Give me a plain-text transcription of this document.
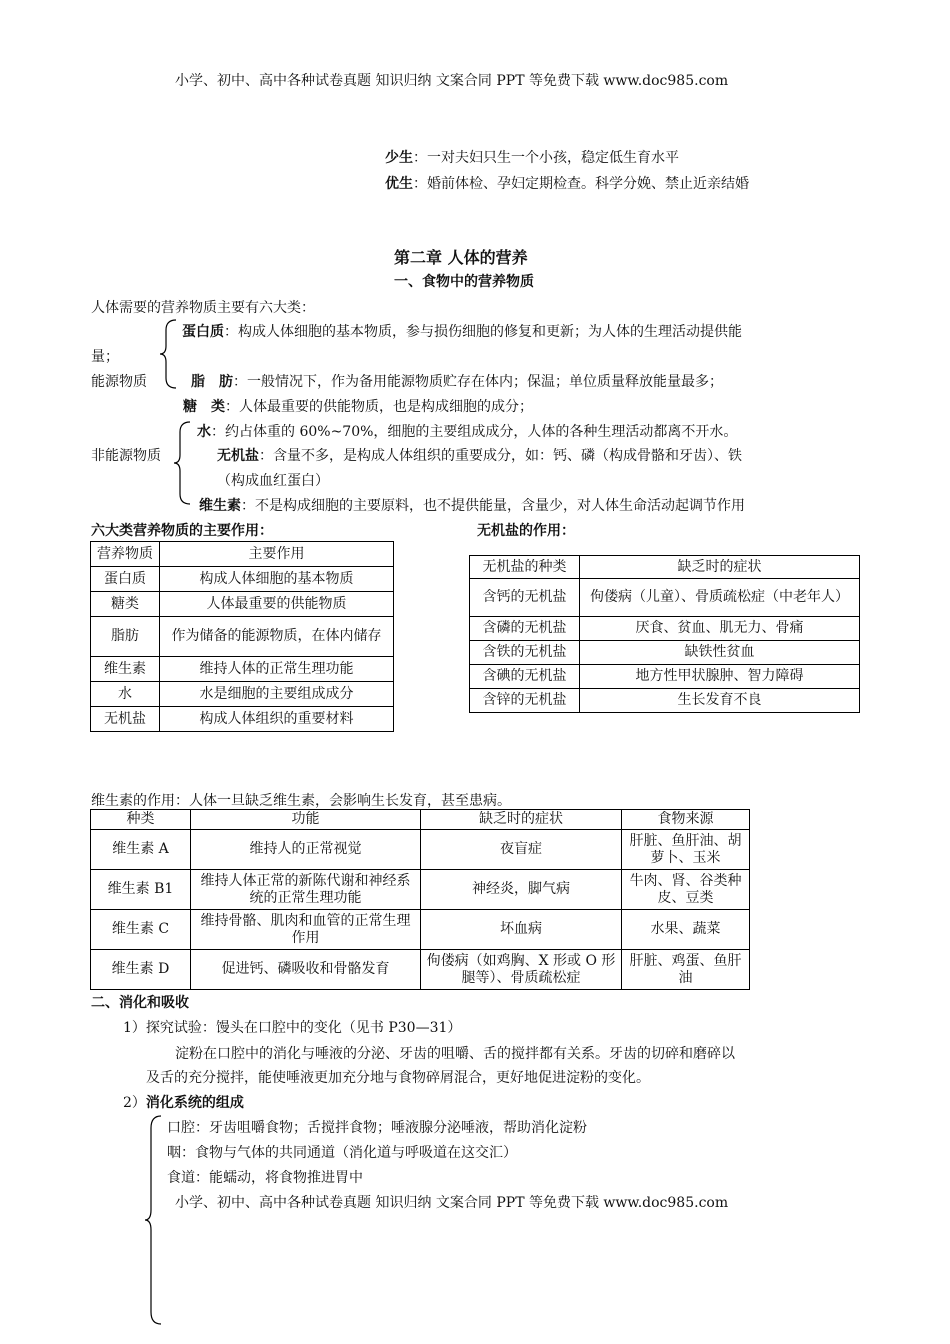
小学、初中、高中各种试卷真题 知识归纳 文案合同 PPT 等免费下载 www.doc985.com
少生：一对夫妇只生一个小孩，稳定低生育水平
优生：婚前体检、孕妇定期检查。科学分娩、禁止近亲结婚
第二章 人体的营养
一、食物中的营养物质
人体需要的营养物质主要有六大类：
蛋白质：构成人体细胞的基本物质，参与损伤细胞的修复和更新；为人体的生理活动提供能
量；
能源物质	脂　肪：一般情况下，作为备用能源物质贮存在体内；保温；单位质量释放能量最多；
糖　类：人体最重要的供能物质，也是构成细胞的成分；
水：约占体重的 60%~70%，细胞的主要组成成分，人体的各种生理活动都离不开水。
非能源物质	无机盐：含量不多，是构成人体组织的重要成分，如：钙、磷（构成骨骼和牙齿）、铁
（构成血红蛋白）
维生素：不是构成细胞的主要原料，也不提供能量，含量少，对人体生命活动起调节作用
六大类营养物质的主要作用：	无机盐的作用：
营养物质	主要作用
蛋白质	构成人体细胞的基本物质
糖类	人体最重要的供能物质
脂肪	作为储备的能源物质，在体内储存
维生素	维持人体的正常生理功能
水	水是细胞的主要组成成分
无机盐	构成人体组织的重要材料
无机盐的种类	缺乏时的症状
含钙的无机盐	佝偻病（儿童）、骨质疏松症（中老年人）
含磷的无机盐	厌食、贫血、肌无力、骨痛
含铁的无机盐	缺铁性贫血
含碘的无机盐	地方性甲状腺肿、智力障碍
含锌的无机盐	生长发育不良
维生素的作用：人体一旦缺乏维生素，会影响生长发育，甚至患病。
种类	功能	缺乏时的症状	食物来源
维生素 A	维持人的正常视觉	夜盲症	肝脏、鱼肝油、胡萝卜、玉米
维生素 B1	维持人体正常的新陈代谢和神经系统的正常生理功能	神经炎，脚气病	牛肉、肾、谷类种皮、豆类
维生素 C	维持骨骼、肌肉和血管的正常生理作用	坏血病	水果、蔬菜
维生素 D	促进钙、磷吸收和骨骼发育	佝偻病（如鸡胸、X 形或 O 形腿等）、骨质疏松症	肝脏、鸡蛋、鱼肝油
二、消化和吸收
1）探究试验：馒头在口腔中的变化（见书 P30—31）
淀粉在口腔中的消化与唾液的分泌、牙齿的咀嚼、舌的搅拌都有关系。牙齿的切碎和磨碎以
及舌的充分搅拌，能使唾液更加充分地与食物碎屑混合，更好地促进淀粉的变化。
2）消化系统的组成
口腔：牙齿咀嚼食物；舌搅拌食物；唾液腺分泌唾液，帮助消化淀粉
咽：食物与气体的共同通道（消化道与呼吸道在这交汇）
食道：能蠕动，将食物推进胃中
小学、初中、高中各种试卷真题 知识归纳 文案合同 PPT 等免费下载 www.doc985.com
